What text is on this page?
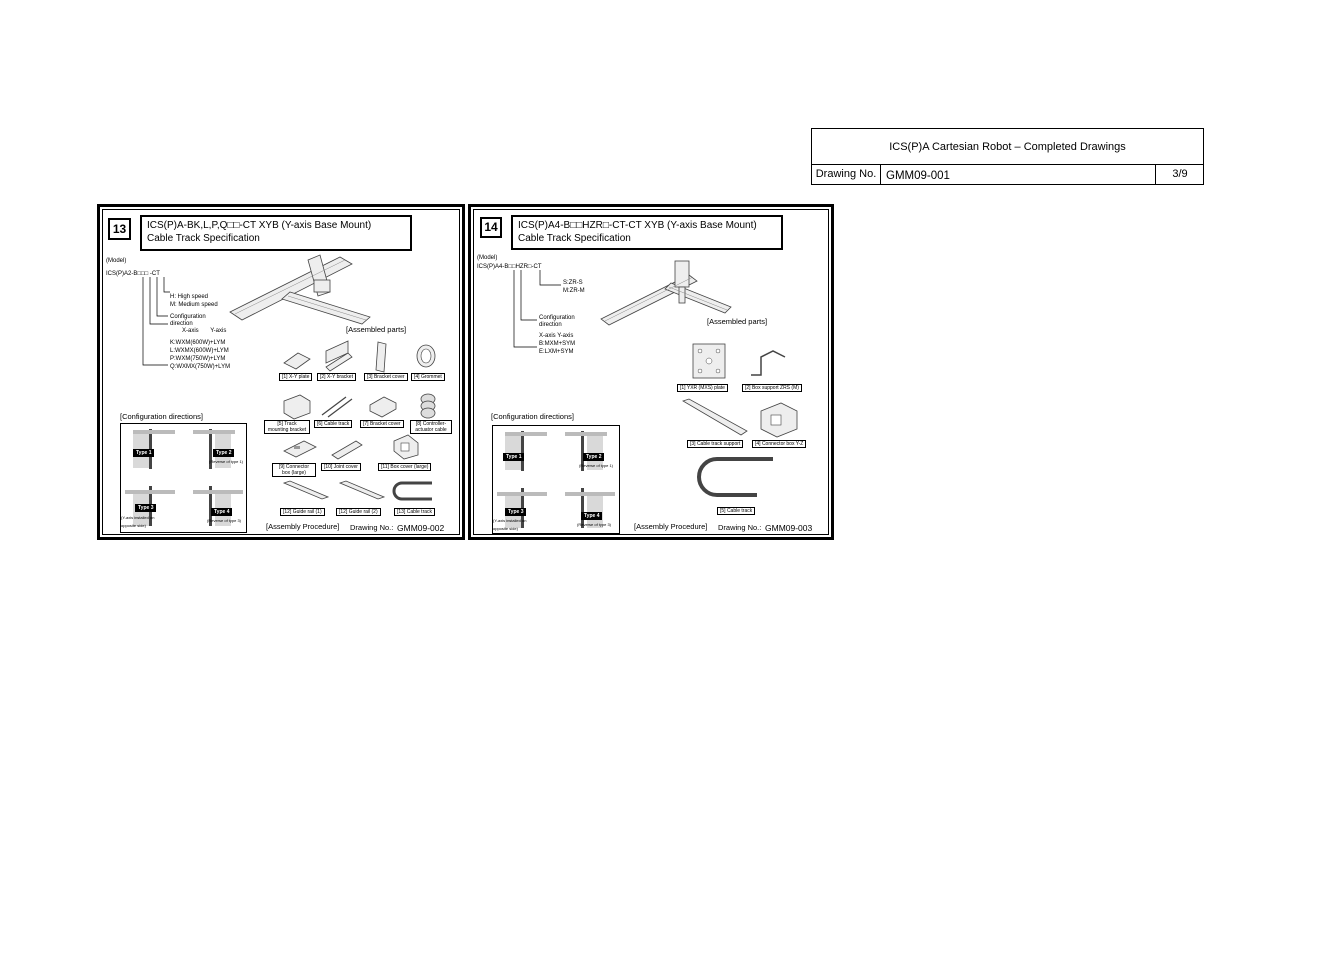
ICS(P)A Cartesian Robot – Completed Drawings
Drawing No. GMM09-001	3/9
13	ICS(P)A-BK,L,P,Q□□-CT XYB (Y-axis Base Mount)
Cable Track Specification
(Model)
ICS(P)A2-B□□□ -CT
H: High speed
M: Medium speed
Configuration
direction
X-axis       Y-axis
K:WXM(600W)+LYM
L:WXMX(600W)+LYM
P:WXM(750W)+LYM
Q:WXMX(750W)+LYM
[Assembled parts]
[1] X-Y plate	[2] X-Y bracket	[3] Bracket cover	[4] Grommet
[5] Track mounting bracket
[6] Cable track	[7] Bracket cover	[8] Controller-actuator cable
[9] Connector box (large)
[10] Joint cover	[11] Box cover (large)
[12] Guide rail (1)	[12] Guide rail (2)	[13] Cable track
[Configuration directions]
Type 1	Type 2
(Reverse of type 1)
Type 3
(Y-axis installed on opposite side)
Type 4
(Reverse of type 3)
[Assembly Procedure] Drawing No.: GMM09-002
14	ICS(P)A4-B□□HZR□-CT-CT XYB (Y-axis Base Mount)
Cable Track Specification
(Model)
ICS(P)A4-B□□HZR□-CT
S:ZR-S
M:ZR-M
Configuration
direction
X-axis Y-axis
B:MXM+SYM
E:LXM+SYM
[Assembled parts]
[1] YXR (MXS) plate	[2] Box support ZRS (M)
[3] Cable track support	[4] Connector box Y-Z
[5] Cable track
[Configuration directions]
Type 1	Type 2
(Reverse of type 1)
Type 3
(Y-axis installed on opposite side)
Type 4
(Reverse of type 3)	[Assembly Procedure] Drawing No.: GMM09-003
